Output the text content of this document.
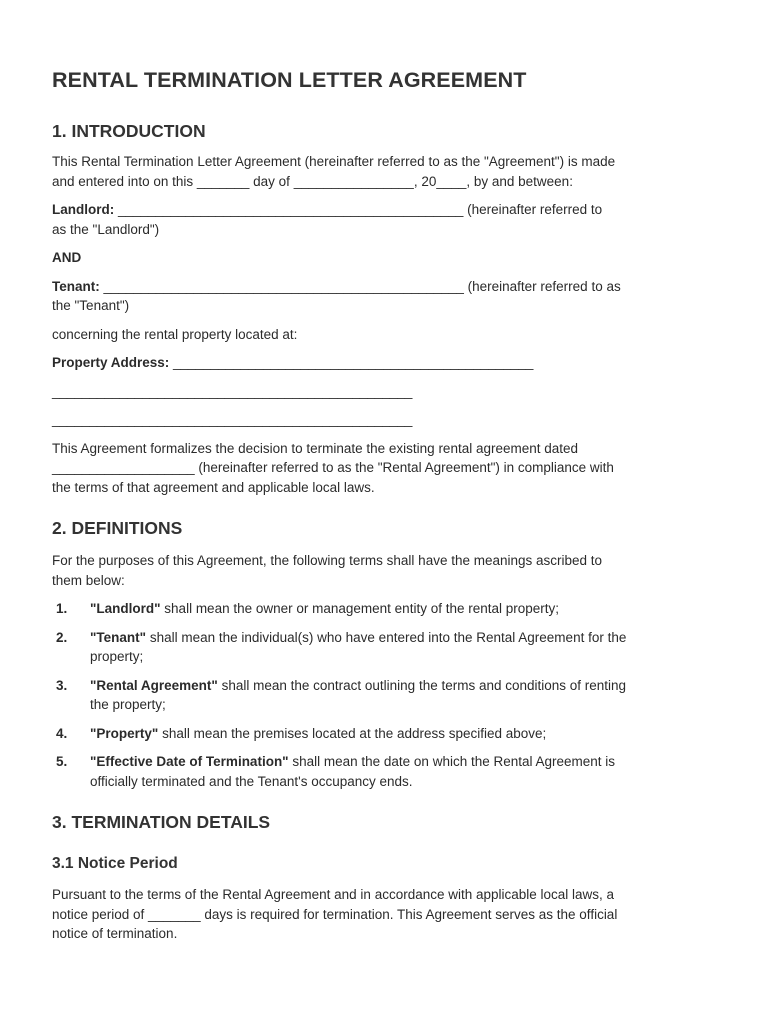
RENTAL TERMINATION LETTER AGREEMENT
1. INTRODUCTION

This Rental Termination Letter Agreement (hereinafter referred to as the "Agreement") is made
and entered into on this _______ day of ________________, 20____, by and between:

Landlord: ______________________________________________ (hereinafter referred to
as the "Landlord")

AND

Tenant: ________________________________________________ (hereinafter referred to as
the "Tenant")

concerning the rental property located at:

Property Address: ________________________________________________

________________________________________________

________________________________________________

This Agreement formalizes the decision to terminate the existing rental agreement dated
___________________ (hereinafter referred to as the "Rental Agreement") in compliance with
the terms of that agreement and applicable local laws.

2. DEFINITIONS

For the purposes of this Agreement, the following terms shall have the meanings ascribed to
them below:

1. "Landlord" shall mean the owner or management entity of the rental property;
2. "Tenant" shall mean the individual(s) who have entered into the Rental Agreement for the
property;
3. "Rental Agreement" shall mean the contract outlining the terms and conditions of renting
the property;
4. "Property" shall mean the premises located at the address specified above;
5. "Effective Date of Termination" shall mean the date on which the Rental Agreement is
officially terminated and the Tenant's occupancy ends.
3. TERMINATION DETAILS
3.1 Notice Period

Pursuant to the terms of the Rental Agreement and in accordance with applicable local laws, a
notice period of _______ days is required for termination. This Agreement serves as the official
notice of termination.
